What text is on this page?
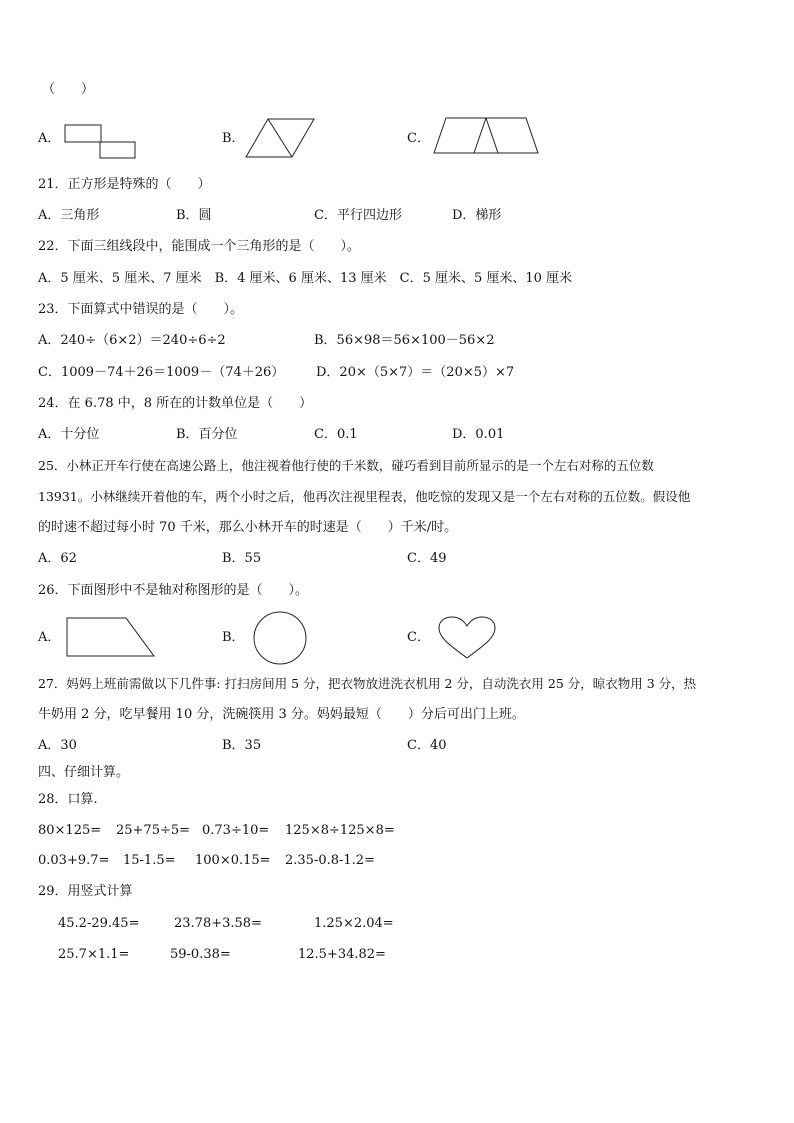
（　　）
A．	B．	C．
21．正方形是特殊的（　　）
A．三角形	B．圆	C．平行四边形	D．梯形
22．下面三组线段中，能围成一个三角形的是（　　）。
A．5 厘米、5 厘米、7 厘米　B．4 厘米、6 厘米、13 厘米　C．5 厘米、5 厘米、10 厘米
23．下面算式中错误的是（　　）。
A．240÷（6×2）＝240÷6÷2	B．56×98＝56×100－56×2
C．1009－74＋26＝1009－（74＋26） D．20×（5×7）＝（20×5）×7
24．在 6.78 中，8 所在的计数单位是（　　）
A．十分位	B．百分位	C．0.1	D．0.01
25．小林正开车行使在高速公路上，他注视着他行使的千米数，碰巧看到目前所显示的是一个左右对称的五位数
13931。小林继续开着他的车，两个小时之后，他再次注视里程表，他吃惊的发现又是一个左右对称的五位数。假设他
的时速不超过每小时 70 千米，那么小林开车的时速是（　　）千米/时。
A．62	B．55	C．49
26．下面图形中不是轴对称图形的是（　　）。
A．	B．	C．
27．妈妈上班前需做以下几件事: 打扫房间用 5 分，把衣物放进洗衣机用 2 分，自动洗衣用 25 分，晾衣物用 3 分，热
牛奶用 2 分，吃早餐用 10 分，洗碗筷用 3 分。妈妈最短（　　）分后可出门上班。
A．30	B．35	C．40
四、仔细计算。
28．口算.
80×125= 25+75÷5= 0.73÷10= 125×8÷125×8=
0.03+9.7= 15-1.5= 100×0.15= 2.35-0.8-1.2=
29．用竖式计算
45.2-29.45=	23.78+3.58=	1.25×2.04=
25.7×1.1=	59-0.38=	12.5+34.82=
